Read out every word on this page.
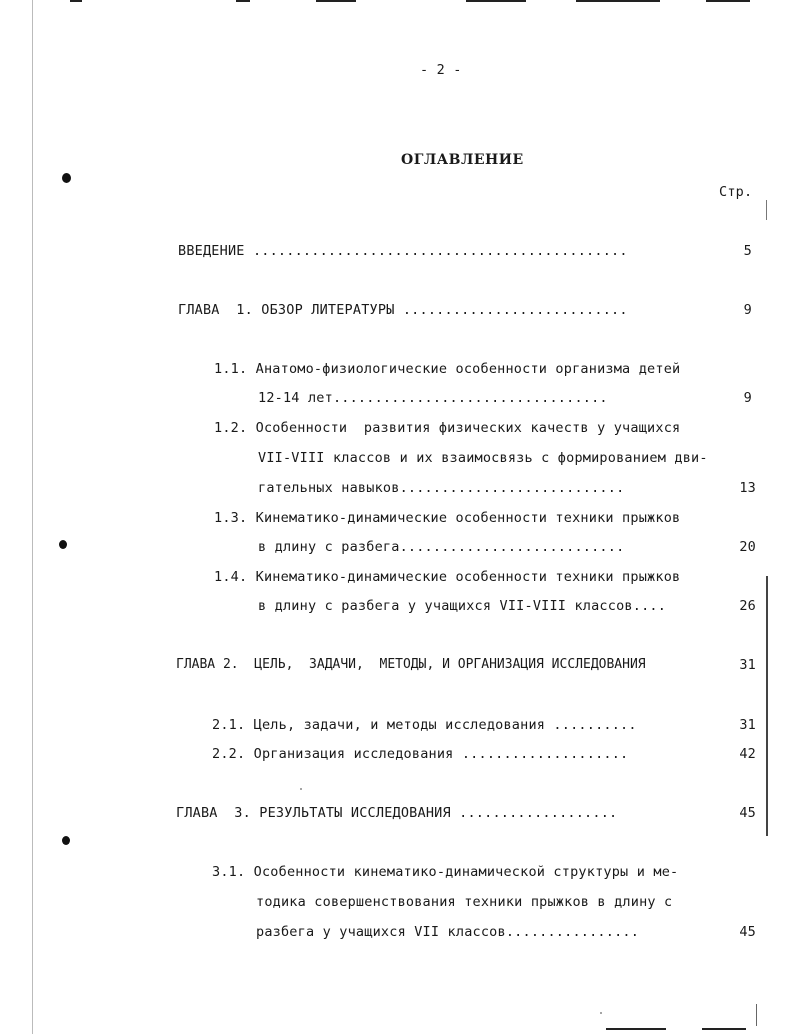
- 2 -
ОГЛАВЛЕНИЕ
Стр.
ВВЕДЕНИЕ .............................................	5
ГЛАВА  1. ОБЗОР ЛИТЕРАТУРЫ ...........................	9
1.1. Анатомо-физиологические особенности организма детей
12-14 лет.................................	9
1.2. Особенности  развития физических качеств у учащихся
VII-VIII классов и их взаимосвязь с формированием дви-
гательных навыков...........................	13
1.3. Кинематико-динамические особенности техники прыжков
в длину с разбега...........................	20
1.4. Кинематико-динамические особенности техники прыжков
в длину с разбега у учащихся VII-VIII классов....	26
ГЛАВА 2.  ЦЕЛЬ,  ЗАДАЧИ,  МЕТОДЫ, И ОРГАНИЗАЦИЯ ИССЛЕДОВАНИЯ	31
2.1. Цель, задачи, и методы исследования ..........	31
2.2. Организация исследования ....................	42
ГЛАВА  3. РЕЗУЛЬТАТЫ ИССЛЕДОВАНИЯ ...................	45
3.1. Особенности кинематико-динамической структуры и ме-
тодика совершенствования техники прыжков в длину с
разбега у учащихся VII классов................	45
